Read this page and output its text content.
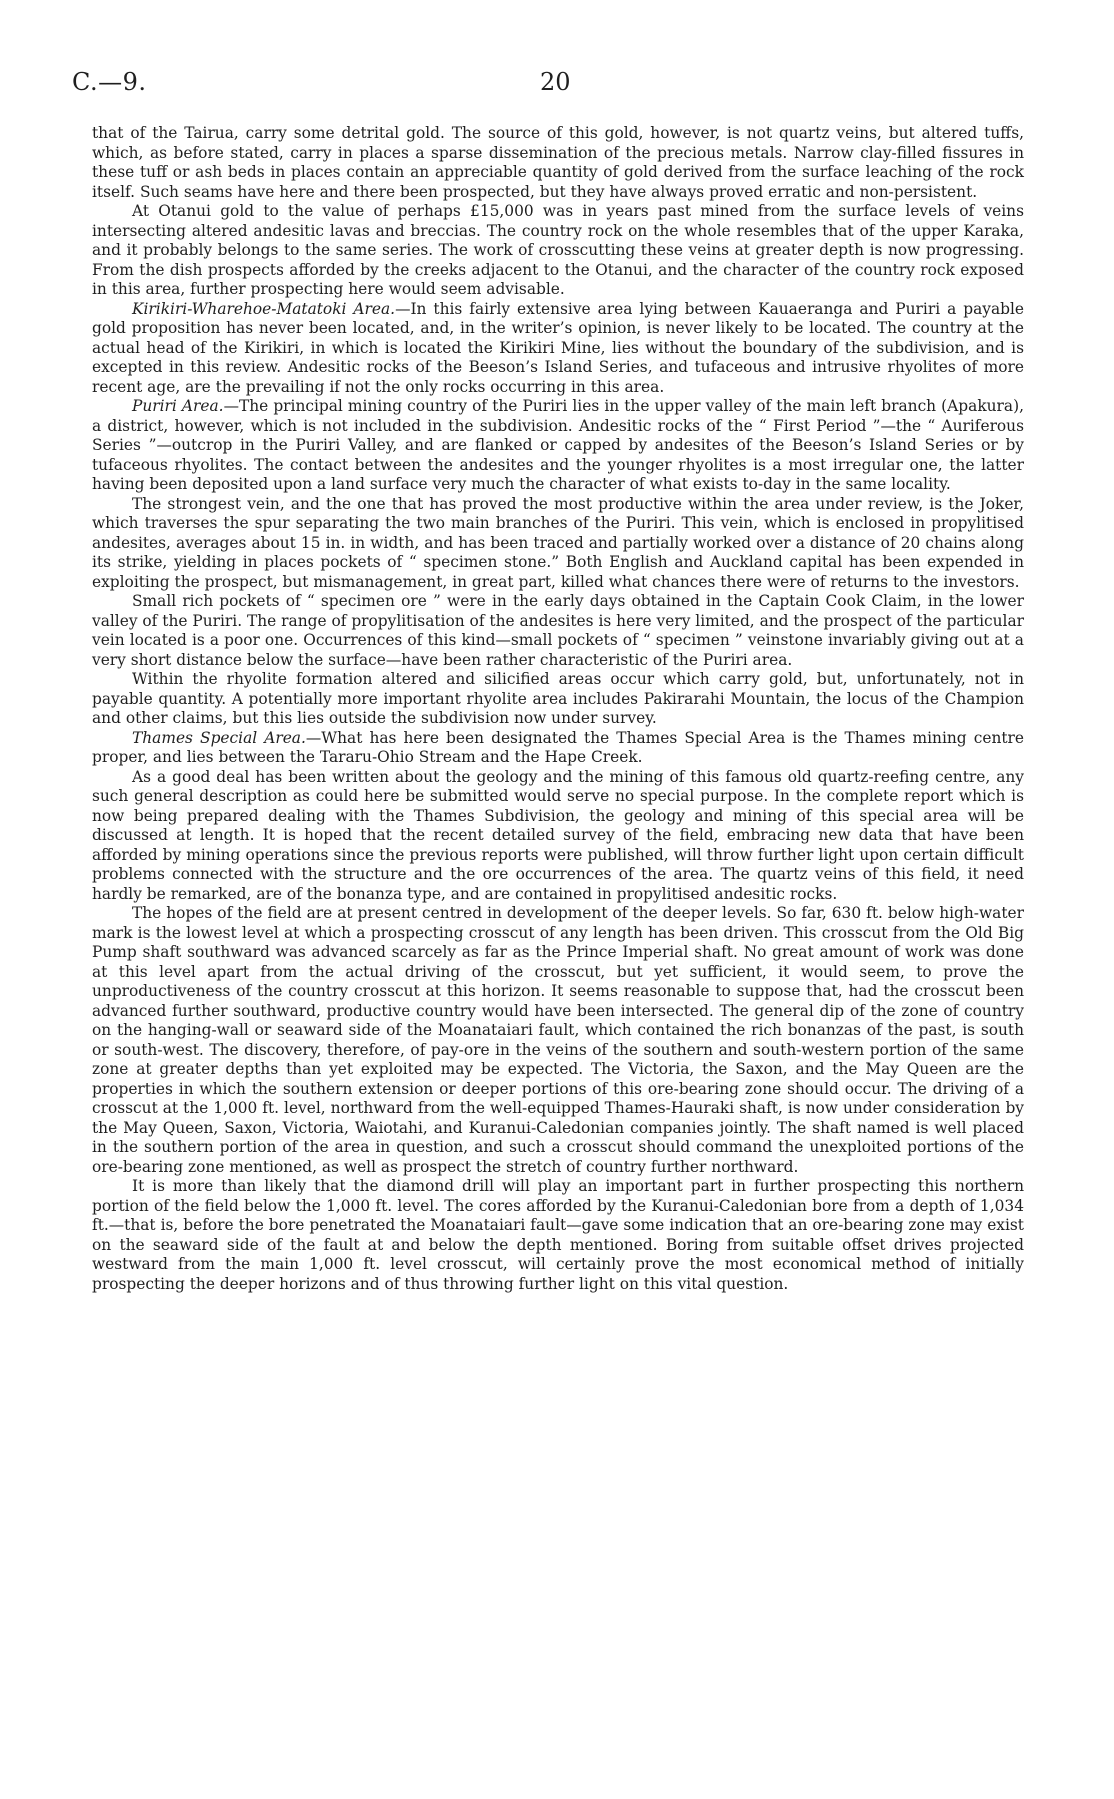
C.—9.	20

that of the Tairua, carry some detrital gold. The source of this gold, however, is not quartz veins, but altered tuffs, which, as before stated, carry in places a sparse dissemination of the precious metals. Narrow clay-filled fissures in these tuff or ash beds in places contain an appreciable quantity of gold derived from the surface leaching of the rock itself. Such seams have here and there been prospected, but they have always proved erratic and non-persistent.

At Otanui gold to the value of perhaps £15,000 was in years past mined from the surface levels of veins intersecting altered andesitic lavas and breccias. The country rock on the whole resembles that of the upper Karaka, and it probably belongs to the same series. The work of crosscutting these veins at greater depth is now progressing. From the dish prospects afforded by the creeks adjacent to the Otanui, and the character of the country rock exposed in this area, further prospecting here would seem advisable.

Kirikiri-Wharehoe-Matatoki Area.—In this fairly extensive area lying between Kauaeranga and Puriri a payable gold proposition has never been located, and, in the writer’s opinion, is never likely to be located. The country at the actual head of the Kirikiri, in which is located the Kirikiri Mine, lies without the boundary of the subdivision, and is excepted in this review. Andesitic rocks of the Beeson’s Island Series, and tufaceous and intrusive rhyolites of more recent age, are the prevailing if not the only rocks occurring in this area.

Puriri Area.—The principal mining country of the Puriri lies in the upper valley of the main left branch (Apakura), a district, however, which is not included in the subdivision. Andesitic rocks of the “ First Period ”—the “ Auriferous Series ”—outcrop in the Puriri Valley, and are flanked or capped by andesites of the Beeson’s Island Series or by tufaceous rhyolites. The contact between the andesites and the younger rhyolites is a most irregular one, the latter having been deposited upon a land surface very much the character of what exists to-day in the same locality.

The strongest vein, and the one that has proved the most productive within the area under review, is the Joker, which traverses the spur separating the two main branches of the Puriri. This vein, which is enclosed in propylitised andesites, averages about 15 in. in width, and has been traced and partially worked over a distance of 20 chains along its strike, yielding in places pockets of “ specimen stone.” Both English and Auckland capital has been expended in exploiting the prospect, but mismanagement, in great part, killed what chances there were of returns to the investors.

Small rich pockets of “ specimen ore ” were in the early days obtained in the Captain Cook Claim, in the lower valley of the Puriri. The range of propylitisation of the andesites is here very limited, and the prospect of the particular vein located is a poor one. Occurrences of this kind—small pockets of “ specimen ” veinstone invariably giving out at a very short distance below the surface—have been rather characteristic of the Puriri area.

Within the rhyolite formation altered and silicified areas occur which carry gold, but, unfortunately, not in payable quantity. A potentially more important rhyolite area includes Pakirarahi Mountain, the locus of the Champion and other claims, but this lies outside the subdivision now under survey.

Thames Special Area.—What has here been designated the Thames Special Area is the Thames mining centre proper, and lies between the Tararu-Ohio Stream and the Hape Creek.

As a good deal has been written about the geology and the mining of this famous old quartz-reefing centre, any such general description as could here be submitted would serve no special purpose. In the complete report which is now being prepared dealing with the Thames Subdivision, the geology and mining of this special area will be discussed at length. It is hoped that the recent detailed survey of the field, embracing new data that have been afforded by mining operations since the previous reports were published, will throw further light upon certain difficult problems connected with the structure and the ore occurrences of the area. The quartz veins of this field, it need hardly be remarked, are of the bonanza type, and are contained in propylitised andesitic rocks.

The hopes of the field are at present centred in development of the deeper levels. So far, 630 ft. below high-water mark is the lowest level at which a prospecting crosscut of any length has been driven. This crosscut from the Old Big Pump shaft southward was advanced scarcely as far as the Prince Imperial shaft. No great amount of work was done at this level apart from the actual driving of the crosscut, but yet sufficient, it would seem, to prove the unproductiveness of the country crosscut at this horizon. It seems reasonable to suppose that, had the crosscut been advanced further southward, productive country would have been intersected. The general dip of the zone of country on the hanging-wall or seaward side of the Moanataiari fault, which contained the rich bonanzas of the past, is south or south-west. The discovery, therefore, of pay-ore in the veins of the southern and south-western portion of the same zone at greater depths than yet exploited may be expected. The Victoria, the Saxon, and the May Queen are the properties in which the southern extension or deeper portions of this ore-bearing zone should occur. The driving of a crosscut at the 1,000 ft. level, northward from the well-equipped Thames-Hauraki shaft, is now under consideration by the May Queen, Saxon, Victoria, Waiotahi, and Kuranui-Caledonian companies jointly. The shaft named is well placed in the southern portion of the area in question, and such a crosscut should command the unexploited portions of the ore-bearing zone mentioned, as well as prospect the stretch of country further northward.

It is more than likely that the diamond drill will play an important part in further prospecting this northern portion of the field below the 1,000 ft. level. The cores afforded by the Kuranui-Caledonian bore from a depth of 1,034 ft.—that is, before the bore penetrated the Moanataiari fault—gave some indication that an ore-bearing zone may exist on the seaward side of the fault at and below the depth mentioned. Boring from suitable offset drives projected westward from the main 1,000 ft. level crosscut, will certainly prove the most economical method of initially prospecting the deeper horizons and of thus throwing further light on this vital question.
